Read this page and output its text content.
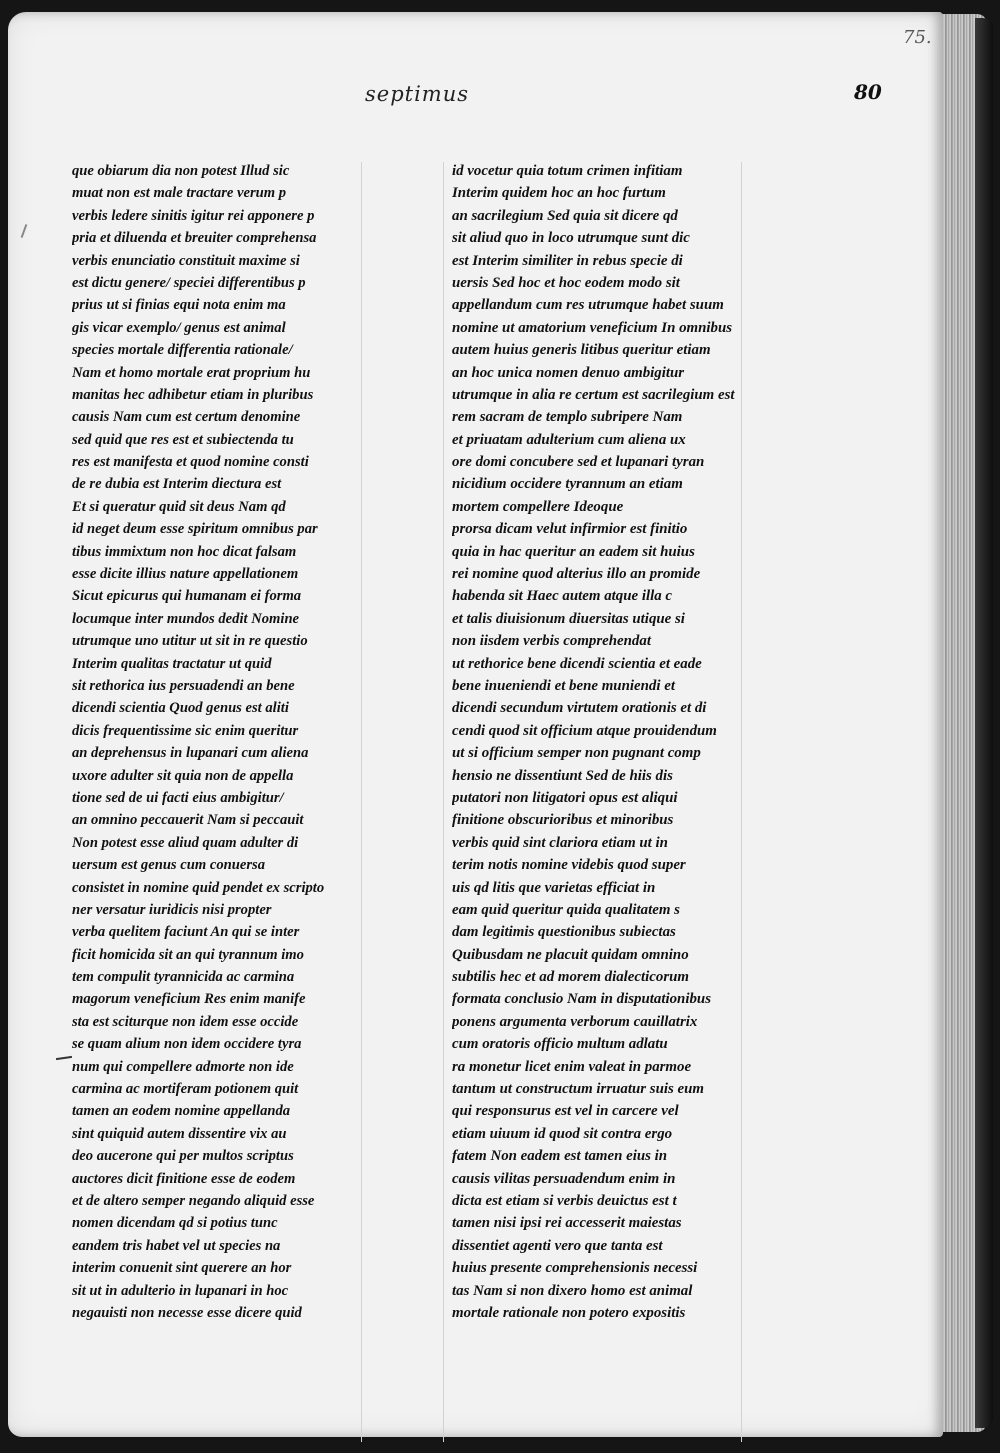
75.
septimus	80
que obiarum dia non potest Illud sic
muat non est male tractare verum p
verbis ledere sinitis igitur rei apponere p
pria et diluenda et breuiter comprehensa
verbis enunciatio constituit maxime si
est dictu genere/ speciei differentibus p
prius ut si finias equi nota enim ma
gis vicar exemplo/ genus est animal
species mortale differentia rationale/
Nam et homo mortale erat proprium hu
manitas hec adhibetur etiam in pluribus
causis Nam cum est certum denomine
sed quid que res est et subiectenda tu
res est manifesta et quod nomine consti
de re dubia est Interim diectura est
Et si queratur quid sit deus Nam qd
id neget deum esse spiritum omnibus par
tibus immixtum non hoc dicat falsam
esse dicite illius nature appellationem
Sicut epicurus qui humanam ei forma
locumque inter mundos dedit Nomine
utrumque uno utitur ut sit in re questio
Interim qualitas tractatur ut quid
sit rethorica ius persuadendi an bene
dicendi scientia Quod genus est aliti
dicis frequentissime sic enim queritur
an deprehensus in lupanari cum aliena
uxore adulter sit quia non de appella
tione sed de ui facti eius ambigitur/
an omnino peccauerit Nam si peccauit
Non potest esse aliud quam adulter di
uersum est genus cum conuersa
consistet in nomine quid pendet ex scripto
ner versatur iuridicis nisi propter
verba quelitem faciunt An qui se inter
ficit homicida sit an qui tyrannum imo
tem compulit tyrannicida ac carmina
magorum veneficium Res enim manife
sta est sciturque non idem esse occide
se quam alium non idem occidere tyra
num qui compellere admorte non ide
carmina ac mortiferam potionem quit
tamen an eodem nomine appellanda
sint quiquid autem dissentire vix au
deo aucerone qui per multos scriptus
auctores dicit finitione esse de eodem
et de altero semper negando aliquid esse
nomen dicendam qd si potius tunc
eandem tris habet vel ut species na
interim conuenit sint querere an hor
sit ut in adulterio in lupanari in hoc
negauisti non necesse esse dicere quid
id vocetur quia totum crimen infitiam
Interim quidem hoc an hoc furtum
an sacrilegium Sed quia sit dicere qd
sit aliud quo in loco utrumque sunt dic
est Interim similiter in rebus specie di
uersis Sed hoc et hoc eodem modo sit
appellandum cum res utrumque habet suum
nomine ut amatorium veneficium In omnibus
autem huius generis litibus queritur etiam
an hoc unica nomen denuo ambigitur
utrumque in alia re certum est sacrilegium est
rem sacram de templo subripere Nam
et priuatam adulterium cum aliena ux
ore domi concubere sed et lupanari tyran
nicidium occidere tyrannum an etiam
mortem compellere Ideoque
prorsa dicam velut infirmior est finitio
quia in hac queritur an eadem sit huius
rei nomine quod alterius illo an promide
habenda sit Haec autem atque illa c
et talis diuisionum diuersitas utique si
non iisdem verbis comprehendat
ut rethorice bene dicendi scientia et eade
bene inueniendi et bene muniendi et
dicendi secundum virtutem orationis et di
cendi quod sit officium atque prouidendum
ut si officium semper non pugnant comp
hensio ne dissentiunt Sed de hiis dis
putatori non litigatori opus est aliqui
finitione obscurioribus et minoribus
verbis quid sint clariora etiam ut in
terim notis nomine videbis quod super
uis qd litis que varietas efficiat in
eam quid queritur quida qualitatem s
dam legitimis questionibus subiectas
Quibusdam ne placuit quidam omnino
subtilis hec et ad morem dialecticorum
formata conclusio Nam in disputationibus
ponens argumenta verborum cauillatrix
cum oratoris officio multum adlatu
ra monetur licet enim valeat in parmoe
tantum ut constructum irruatur suis eum
qui responsurus est vel in carcere vel
etiam uiuum id quod sit contra ergo
fatem Non eadem est tamen eius in
causis vilitas persuadendum enim in
dicta est etiam si verbis deuictus est t
tamen nisi ipsi rei accesserit maiestas
dissentiet agenti vero que tanta est
huius presente comprehensionis necessi
tas Nam si non dixero homo est animal
mortale rationale non potero expositis
